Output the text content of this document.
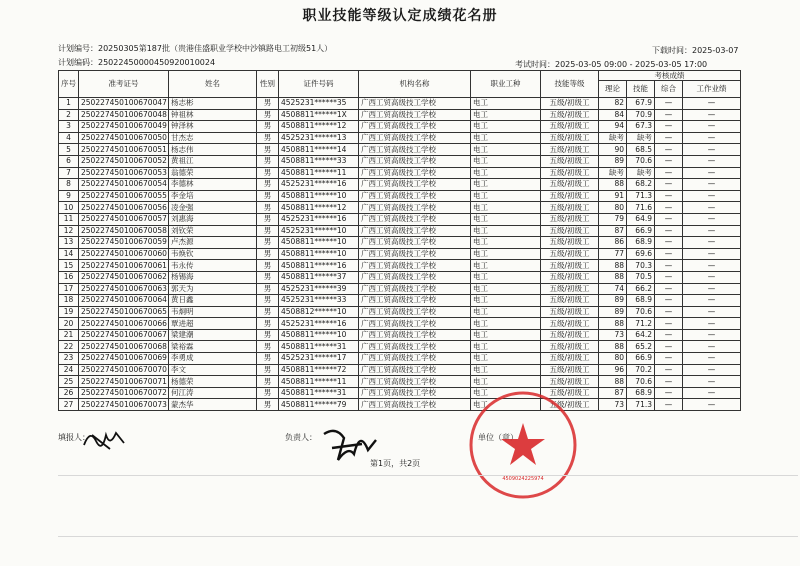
职业技能等级认定成绩花名册
计划编号：20250305第187批（贵港佳盛职业学校中沙镇路电工初级51人）	下载时间：2025-03-07
计划编码：25022450000450920010024	考试时间：2025-03-05 09:00 - 2025-03-05 17:00
序号	准考证号	姓名	性别	证件号码	机构名称	职业工种	技能等级	考核成绩			
								理论	技能	综合	工作业绩
1	250227450100670047	杨志彬	男	4525231******35	广西工贸高级技工学校	电工	五级/初级工	82	67.9	—	—
2	250227450100670048	钟祖林	男	4508811******1X	广西工贸高级技工学校	电工	五级/初级工	84	70.9	—	—
3	250227450100670049	钟泽林	男	4508811******12	广西工贸高级技工学校	电工	五级/初级工	94	67.3	—	—
4	250227450100670050	甘杰志	男	4525231******13	广西工贸高级技工学校	电工	五级/初级工	缺考	缺考	—	—
5	250227450100670051	杨志伟	男	4508811******14	广西工贸高级技工学校	电工	五级/初级工	90	68.5	—	—
6	250227450100670052	黄祖江	男	4508811******33	广西工贸高级技工学校	电工	五级/初级工	89	70.6	—	—
7	250227450100670053	翁德荣	男	4508811******11	广西工贸高级技工学校	电工	五级/初级工	缺考	缺考	—	—
8	250227450100670054	李德林	男	4525231******16	广西工贸高级技工学校	电工	五级/初级工	88	68.2	—	—
9	250227450100670055	李金培	男	4508811******10	广西工贸高级技工学校	电工	五级/初级工	91	71.3	—	—
10	250227450100670056	凌金强	男	4508811******12	广西工贸高级技工学校	电工	五级/初级工	80	71.6	—	—
11	250227450100670057	刘惠海	男	4525231******16	广西工贸高级技工学校	电工	五级/初级工	79	64.9	—	—
12	250227450100670058	刘钦荣	男	4525231******10	广西工贸高级技工学校	电工	五级/初级工	87	66.9	—	—
13	250227450100670059	卢杰源	男	4508811******10	广西工贸高级技工学校	电工	五级/初级工	86	68.9	—	—
14	250227450100670060	韦焕钦	男	4508811******10	广西工贸高级技工学校	电工	五级/初级工	77	69.6	—	—
15	250227450100670061	韦永传	男	4508811******16	广西工贸高级技工学校	电工	五级/初级工	88	70.3	—	—
16	250227450100670062	杨锡海	男	4508811******37	广西工贸高级技工学校	电工	五级/初级工	88	70.5	—	—
17	250227450100670063	郭天为	男	4525231******39	广西工贸高级技工学校	电工	五级/初级工	74	66.2	—	—
18	250227450100670064	黄日鑫	男	4525231******33	广西工贸高级技工学校	电工	五级/初级工	89	68.9	—	—
19	250227450100670065	韦炯明	男	4508812******10	广西工贸高级技工学校	电工	五级/初级工	89	70.6	—	—
20	250227450100670066	覃进超	男	4525231******16	广西工贸高级技工学校	电工	五级/初级工	88	71.2	—	—
21	250227450100670067	梁建潮	男	4508811******10	广西工贸高级技工学校	电工	五级/初级工	73	64.2	—	—
22	250227450100670068	梁裕霖	男	4508811******31	广西工贸高级技工学校	电工	五级/初级工	88	65.2	—	—
23	250227450100670069	李勇成	男	4525231******17	广西工贸高级技工学校	电工	五级/初级工	80	66.9	—	—
24	250227450100670070	李文	男	4508811******72	广西工贸高级技工学校	电工	五级/初级工	96	70.2	—	—
25	250227450100670071	杨德荣	男	4508811******11	广西工贸高级技工学校	电工	五级/初级工	88	70.6	—	—
26	250227450100670072	何江涛	男	4508811******31	广西工贸高级技工学校	电工	五级/初级工	87	68.9	—	—
27	250227450100670073	蒙杰华	男	4508811******79	广西工贸高级技工学校	电工	五级/初级工	73	71.3	—	—
填报人：	负责人：	单位（章）
第1页，共2页
4509024225974
